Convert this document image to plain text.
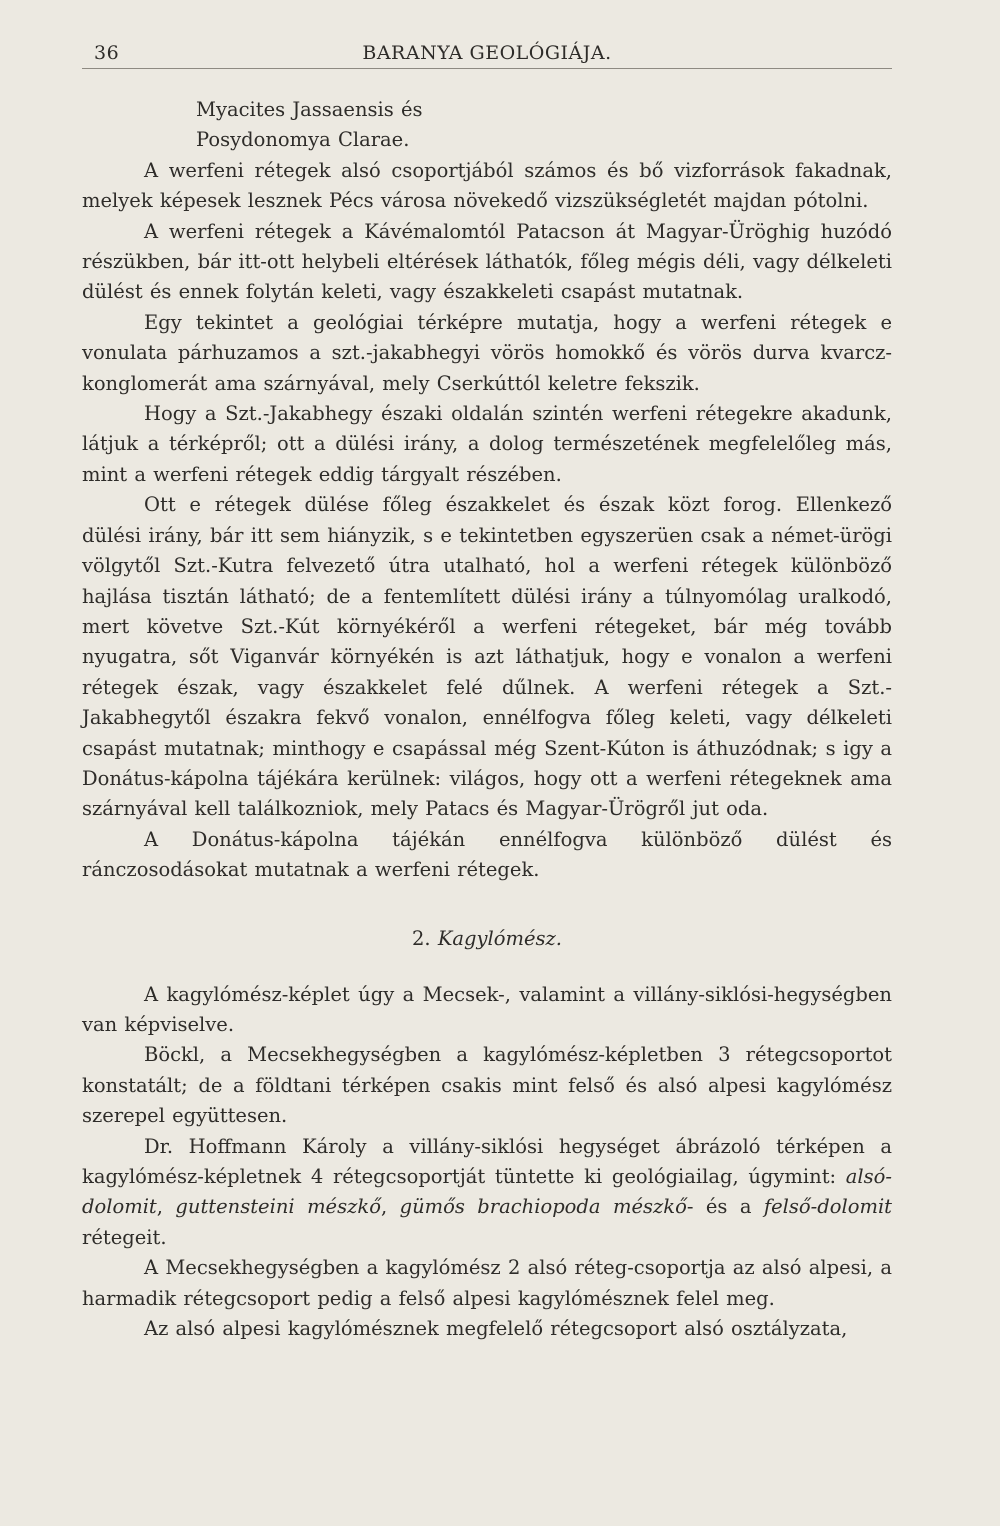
36	BARANYA GEOLÓGIÁJA.
Myacites Jassaensis és
Posydonomya Clarae.

A werfeni rétegek alsó csoportjából számos és bő vizforrások fakadnak, melyek képesek lesznek Pécs városa növekedő vizszükségletét majdan pótolni.

A werfeni rétegek a Kávémalomtól Patacson át Magyar-Üröghig huzódó részükben, bár itt-ott helybeli eltérések láthatók, főleg mégis déli, vagy délkeleti dülést és ennek folytán keleti, vagy északkeleti csapást mutatnak.

Egy tekintet a geológiai térképre mutatja, hogy a werfeni rétegek e vonulata párhuzamos a szt.-jakabhegyi vörös homokkő és vörös durva kvarcz-konglomerát ama szárnyával, mely Cserkúttól keletre fekszik.

Hogy a Szt.-Jakabhegy északi oldalán szintén werfeni rétegekre akadunk, látjuk a térképről; ott a dülési irány, a dolog természetének megfelelőleg más, mint a werfeni rétegek eddig tárgyalt részében.

Ott e rétegek dülése főleg északkelet és észak közt forog. Ellenkező dülési irány, bár itt sem hiányzik, s e tekintetben egyszerüen csak a német-ürögi völgytől Szt.-Kutra felvezető útra utalható, hol a werfeni rétegek különböző hajlása tisztán látható; de a fentemlített dülési irány a túlnyomólag uralkodó, mert követve Szt.-Kút környékéről a werfeni rétegeket, bár még tovább nyugatra, sőt Viganvár környékén is azt láthatjuk, hogy e vonalon a werfeni rétegek észak, vagy északkelet felé dűlnek. A werfeni rétegek a Szt.-Jakabhegytől északra fekvő vonalon, ennélfogva főleg keleti, vagy délkeleti csapást mutatnak; minthogy e csapással még Szent-Kúton is áthuzódnak; s igy a Donátus-kápolna tájékára kerülnek: világos, hogy ott a werfeni rétegeknek ama szárnyával kell találkozniok, mely Patacs és Magyar-Ürögről jut oda.

A Donátus-kápolna tájékán ennélfogva különböző dülést és ránczosodásokat mutatnak a werfeni rétegek.

2. Kagylómész.

A kagylómész-képlet úgy a Mecsek-, valamint a villány-siklósi-hegységben van képviselve.

Böckl, a Mecsekhegységben a kagylómész-képletben 3 rétegcsoportot konstatált; de a földtani térképen csakis mint felső és alsó alpesi kagylómész szerepel együttesen.

Dr. Hoffmann Károly a villány-siklósi hegységet ábrázoló térképen a kagylómész-képletnek 4 rétegcsoportját tüntette ki geológiailag, úgymint: alsó-dolomit, guttensteini mészkő, gümős brachiopoda mészkő- és a felső-dolomit rétegeit.

A Mecsekhegységben a kagylómész 2 alsó réteg-csoportja az alsó alpesi, a harmadik rétegcsoport pedig a felső alpesi kagylómésznek felel meg.

Az alsó alpesi kagylómésznek megfelelő rétegcsoport alsó osztályzata,
